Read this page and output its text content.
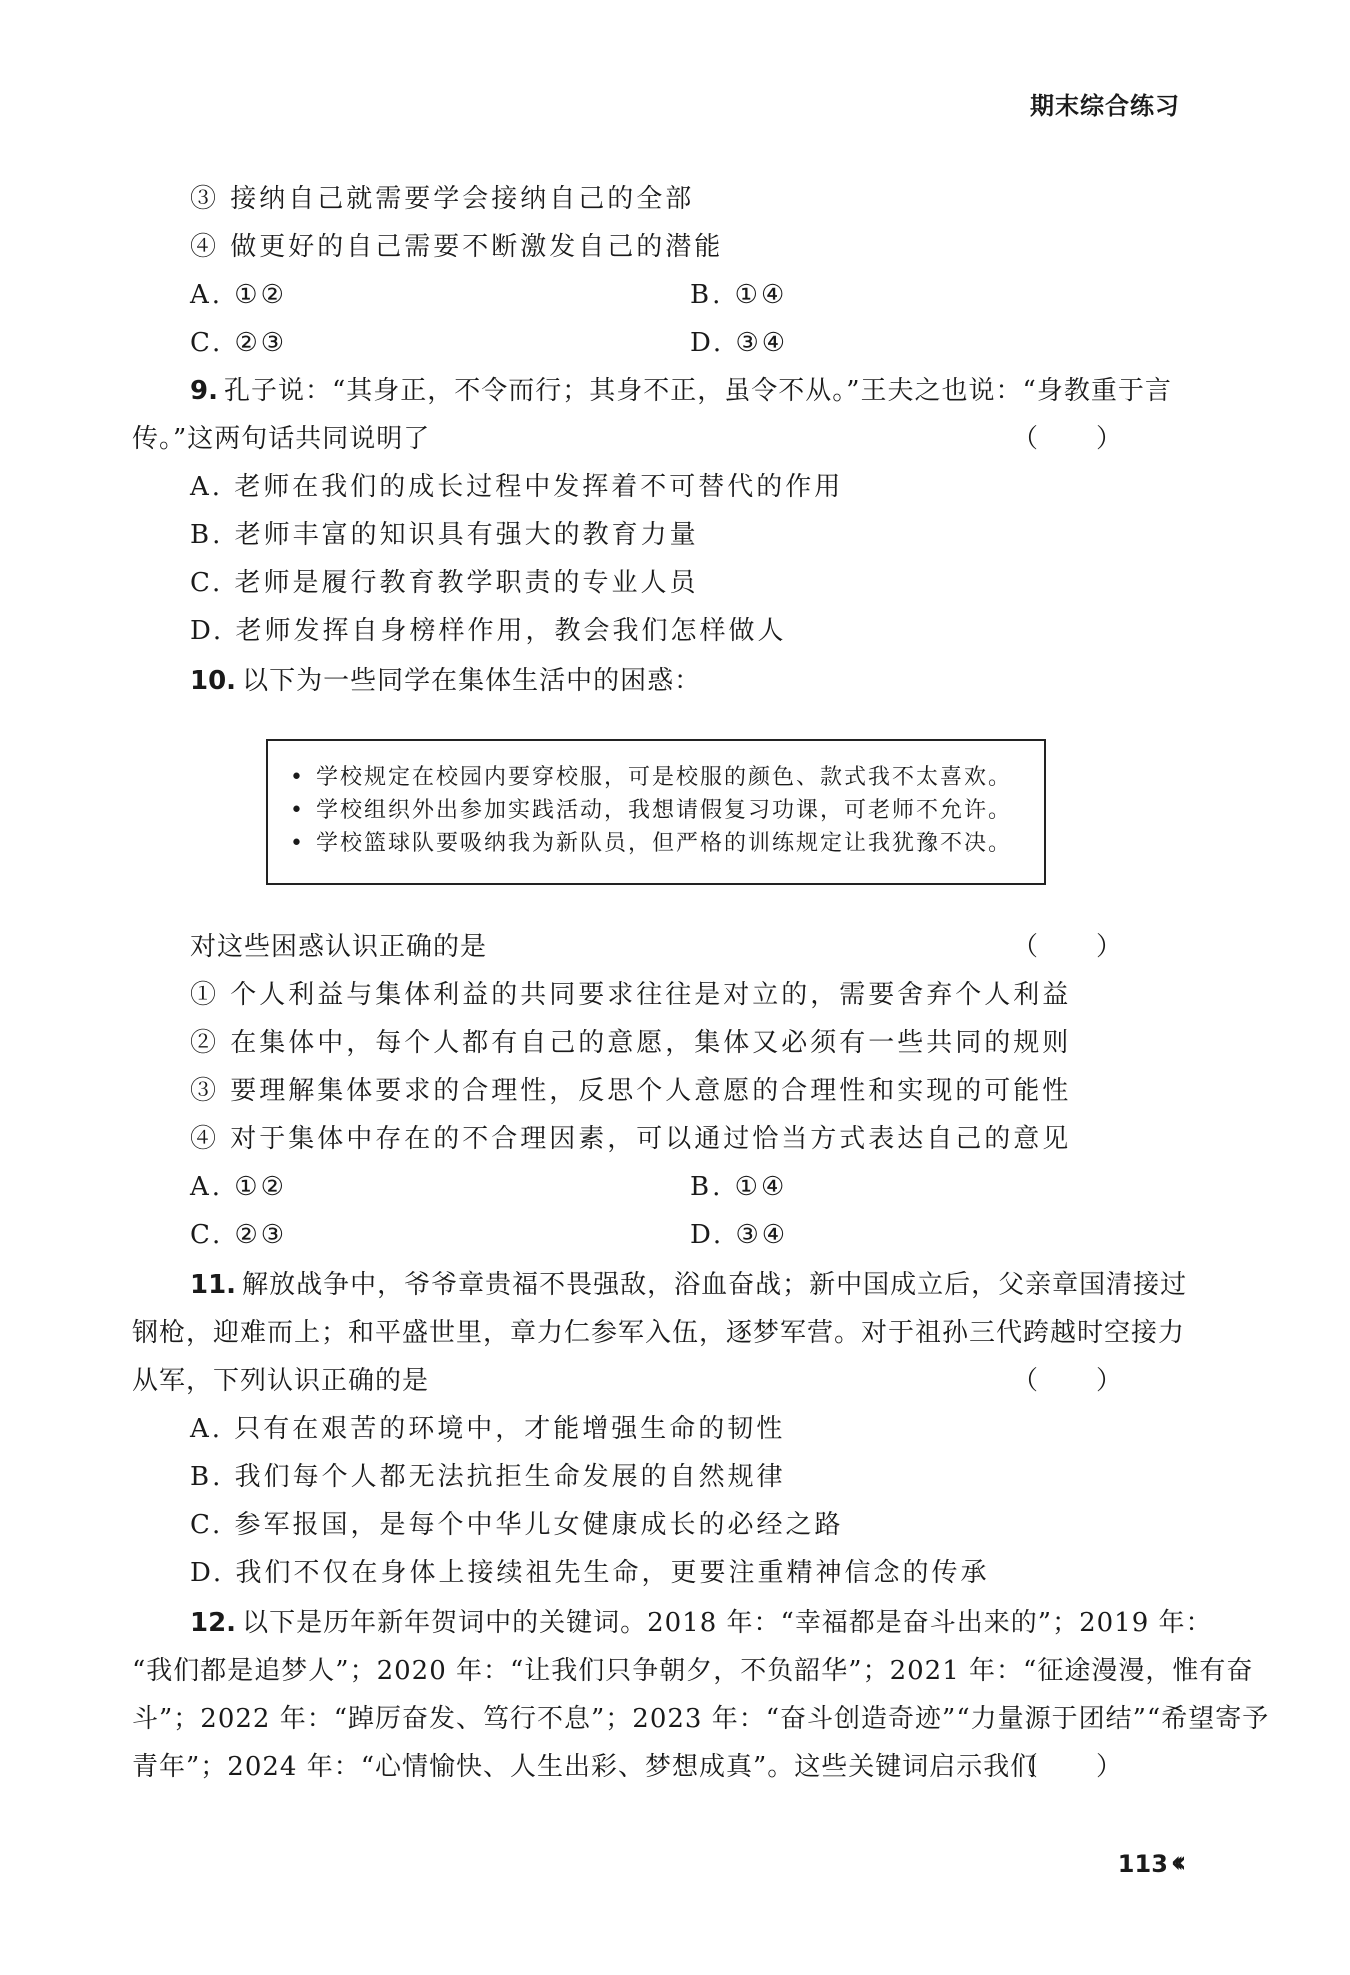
期末综合练习
③ 接纳自己就需要学会接纳自己的全部
④ 做更好的自己需要不断激发自己的潜能
A. ①②	B. ①④
C. ②③	D. ③④
9. 孔子说：“其身正，不令而行；其身不正，虽令不从。”王夫之也说：“身教重于言
传。”这两句话共同说明了	（）
A. 老师在我们的成长过程中发挥着不可替代的作用
B. 老师丰富的知识具有强大的教育力量
C. 老师是履行教育教学职责的专业人员
D. 老师发挥自身榜样作用，教会我们怎样做人
10. 以下为一些同学在集体生活中的困惑：
• 学校规定在校园内要穿校服，可是校服的颜色、款式我不太喜欢。
• 学校组织外出参加实践活动，我想请假复习功课，可老师不允许。
• 学校篮球队要吸纳我为新队员，但严格的训练规定让我犹豫不决。
对这些困惑认识正确的是	（）
① 个人利益与集体利益的共同要求往往是对立的，需要舍弃个人利益
② 在集体中，每个人都有自己的意愿，集体又必须有一些共同的规则
③ 要理解集体要求的合理性，反思个人意愿的合理性和实现的可能性
④ 对于集体中存在的不合理因素，可以通过恰当方式表达自己的意见
A. ①②	B. ①④
C. ②③	D. ③④
11. 解放战争中，爷爷章贵福不畏强敌，浴血奋战；新中国成立后，父亲章国清接过
钢枪，迎难而上；和平盛世里，章力仁参军入伍，逐梦军营。对于祖孙三代跨越时空接力
从军，下列认识正确的是	（）
A. 只有在艰苦的环境中，才能增强生命的韧性
B. 我们每个人都无法抗拒生命发展的自然规律
C. 参军报国，是每个中华儿女健康成长的必经之路
D. 我们不仅在身体上接续祖先生命，更要注重精神信念的传承
12. 以下是历年新年贺词中的关键词。2018 年：“幸福都是奋斗出来的”；2019 年：
“我们都是追梦人”；2020 年：“让我们只争朝夕，不负韶华”；2021 年：“征途漫漫，惟有奋
斗”；2022 年：“踔厉奋发、笃行不息”；2023 年：“奋斗创造奇迹”“力量源于团结”“希望寄予
青年”；2024 年：“心情愉快、人生出彩、梦想成真”。这些关键词启示我们
（）
113 ‹‹‹
